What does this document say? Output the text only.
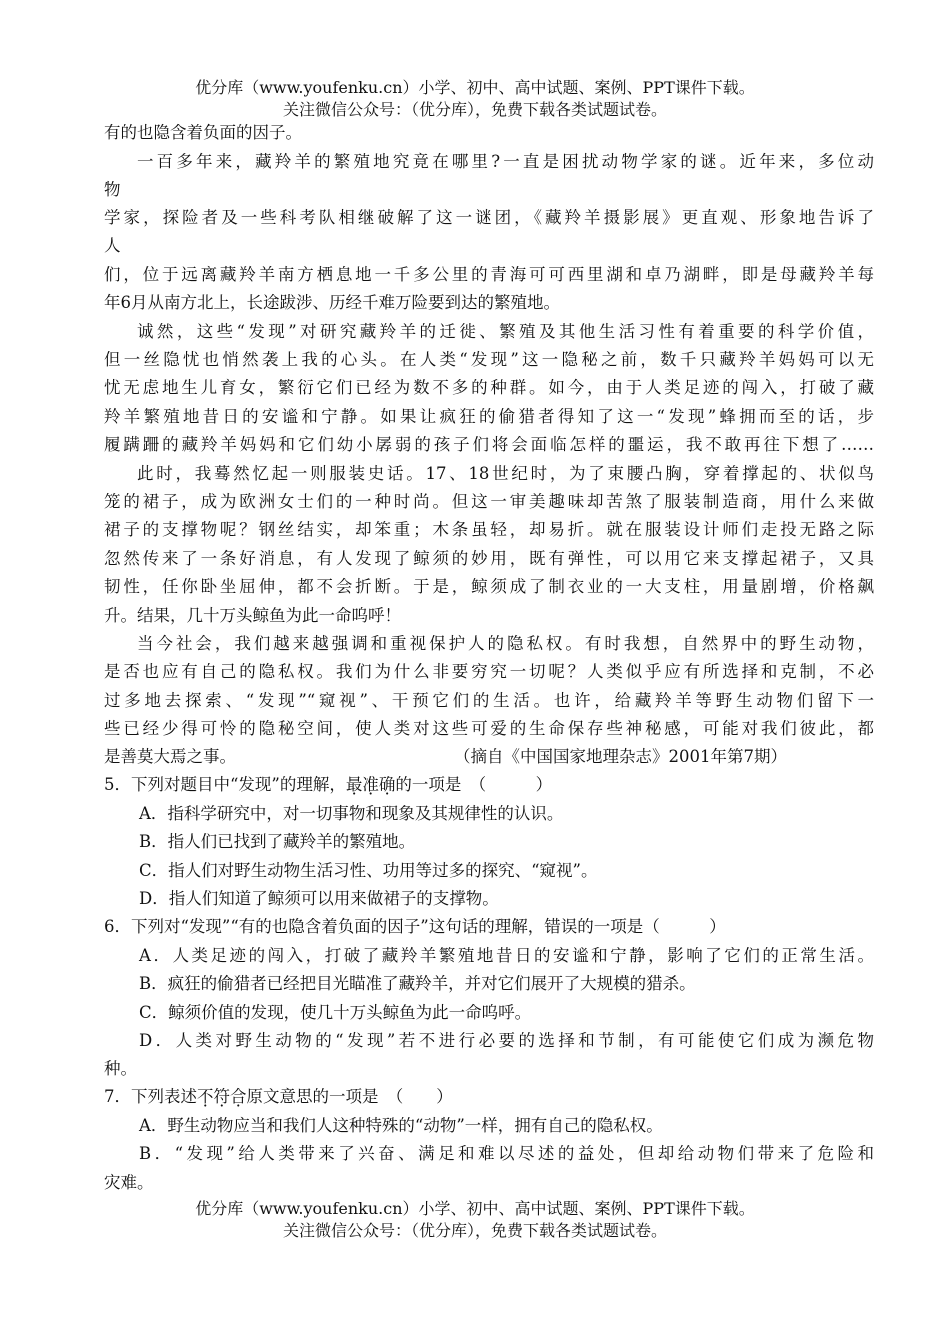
优分库（www.youfenku.cn）小学、初中、高中试题、案例、PPT课件下载。
关注微信公众号：（优分库），免费下载各类试题试卷。
有的也隐含着负面的因子。
一百多年来，藏羚羊的繁殖地究竟在哪里?一直是困扰动物学家的谜。近年来，多位动
物
学家，探险者及一些科考队相继破解了这一谜团，《藏羚羊摄影展》更直观、形象地告诉了
人
们，位于远离藏羚羊南方栖息地一千多公里的青海可可西里湖和卓乃湖畔，即是母藏羚羊每
年6月从南方北上，长途跋涉、历经千难万险要到达的繁殖地。
诚然，这些“发现”对研究藏羚羊的迁徙、繁殖及其他生活习性有着重要的科学价值，
但一丝隐忧也悄然袭上我的心头。在人类“发现”这一隐秘之前，数千只藏羚羊妈妈可以无
忧无虑地生儿育女，繁衍它们已经为数不多的种群。如今，由于人类足迹的闯入，打破了藏
羚羊繁殖地昔日的安谧和宁静。如果让疯狂的偷猎者得知了这一“发现”蜂拥而至的话，步
履蹒跚的藏羚羊妈妈和它们幼小孱弱的孩子们将会面临怎样的噩运，我不敢再往下想了……
此时，我蓦然忆起一则服装史话。17、18世纪时，为了束腰凸胸，穿着撑起的、状似鸟
笼的裙子，成为欧洲女士们的一种时尚。但这一审美趣味却苦煞了服装制造商，用什么来做
裙子的支撑物呢？钢丝结实，却笨重；木条虽轻，却易折。就在服装设计师们走投无路之际
忽然传来了一条好消息，有人发现了鲸须的妙用，既有弹性，可以用它来支撑起裙子，又具
韧性，任你卧坐屈伸，都不会折断。于是，鲸须成了制衣业的一大支柱，用量剧增，价格飙
升。结果，几十万头鲸鱼为此一命呜呼！
当今社会，我们越来越强调和重视保护人的隐私权。有时我想，自然界中的野生动物，
是否也应有自己的隐私权。我们为什么非要穷究一切呢？人类似乎应有所选择和克制，不必
过多地去探索、“发现”“窥视”、干预它们的生活。也许，给藏羚羊等野生动物们留下一
些已经少得可怜的隐秘空间，使人类对这些可爱的生命保存些神秘感，可能对我们彼此，都
是善莫大焉之事。	（摘自《中国国家地理杂志》2001年第7期）
5．下列对题目中“发现”的理解，最准确的一项是　（　　　）
A．指科学研究中，对一切事物和现象及其规律性的认识。
B．指人们已找到了藏羚羊的繁殖地。
C．指人们对野生动物生活习性、功用等过多的探究、“窥视”。
D．指人们知道了鲸须可以用来做裙子的支撑物。
6．下列对“发现”“有的也隐含着负面的因子”这句话的理解，错误的一项是（　　　）
A．人类足迹的闯入，打破了藏羚羊繁殖地昔日的安谧和宁静，影响了它们的正常生活。
B．疯狂的偷猎者已经把目光瞄准了藏羚羊，并对它们展开了大规模的猎杀。
C．鲸须价值的发现，使几十万头鲸鱼为此一命呜呼。
D．人类对野生动物的“发现”若不进行必要的选择和节制，有可能使它们成为濒危物
种。
7．下列表述不符合原文意思的一项是　（　　）
A．野生动物应当和我们人这种特殊的“动物”一样，拥有自己的隐私权。
B．“发现”给人类带来了兴奋、满足和难以尽述的益处，但却给动物们带来了危险和
灾难。
优分库（www.youfenku.cn）小学、初中、高中试题、案例、PPT课件下载。
关注微信公众号：（优分库），免费下载各类试题试卷。
